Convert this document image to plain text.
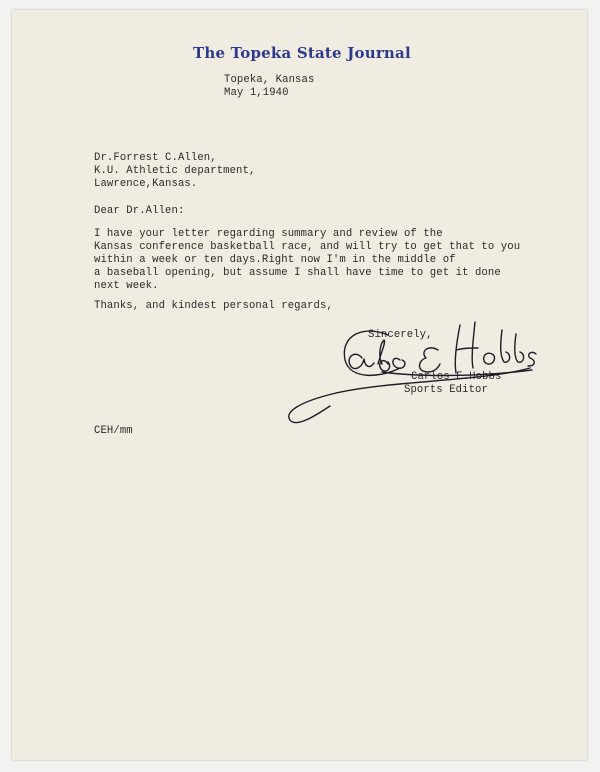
The Topeka State Journal
Topeka, Kansas
May 1,1940
Dr.Forrest C.Allen,
K.U. Athletic department,
Lawrence,Kansas.
Dear Dr.Allen:
I have your letter regarding summary and review of the
Kansas conference basketball race, and will try to get that to you
within a week or ten days.Right now I'm in the middle of
a baseball opening, but assume I shall have time to get it done
next week.
Thanks, and kindest personal regards,
Sincerely,
Carlos E.Hobbs
Sports Editor
CEH/mm
